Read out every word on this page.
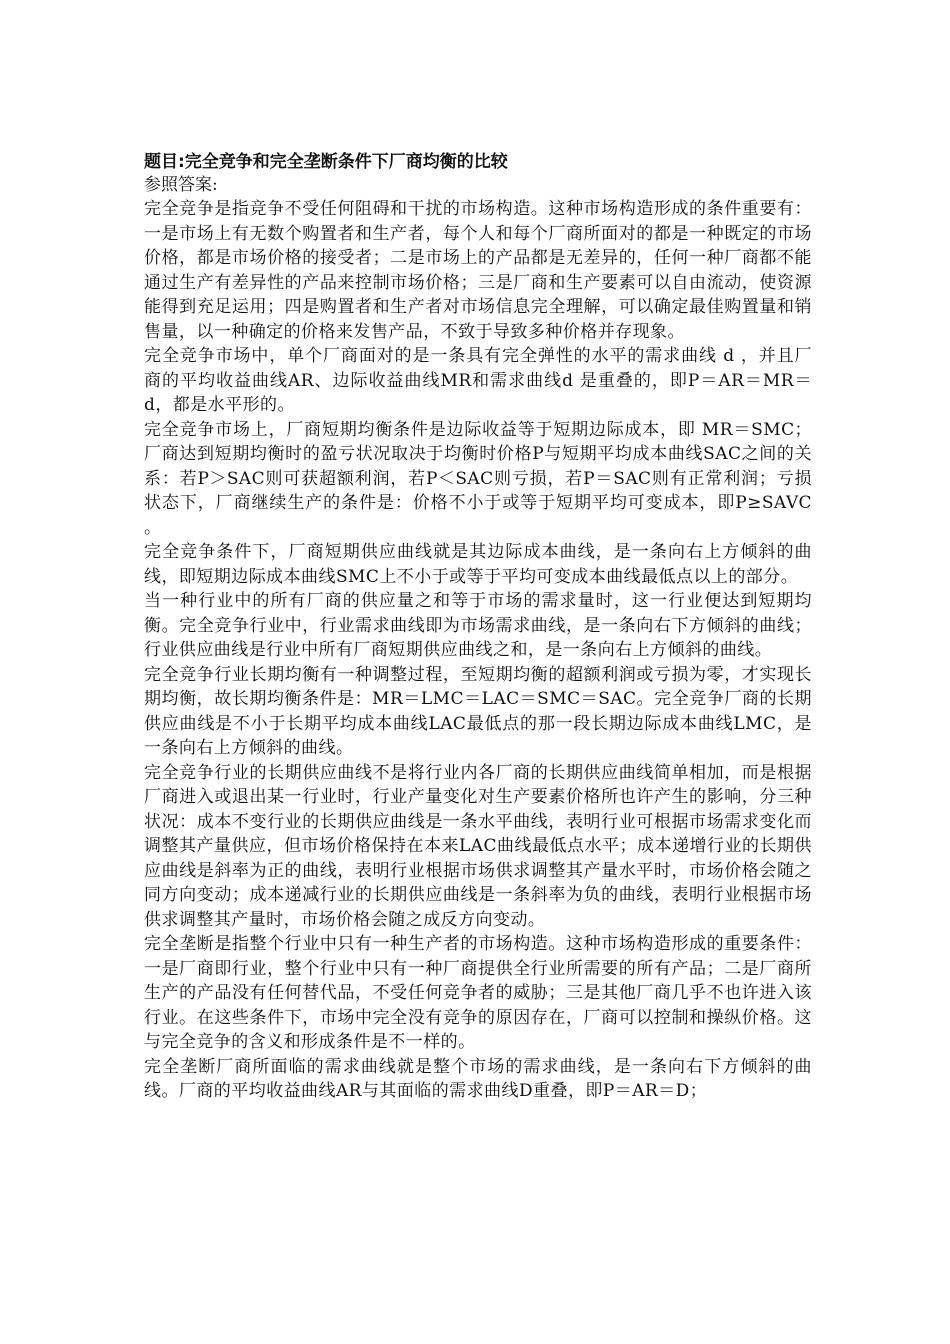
题目:完全竞争和完全垄断条件下厂商均衡的比较

参照答案:

完全竞争是指竞争不受任何阻碍和干扰的市场构造。这种市场构造形成的条件重要有：一是市场上有无数个购置者和生产者，每个人和每个厂商所面对的都是一种既定的市场价格，都是市场价格的接受者；二是市场上的产品都是无差异的，任何一种厂商都不能通过生产有差异性的产品来控制市场价格；三是厂商和生产要素可以自由流动，使资源能得到充足运用；四是购置者和生产者对市场信息完全理解，可以确定最佳购置量和销售量，以一种确定的价格来发售产品，不致于导致多种价格并存现象。

完全竞争市场中，单个厂商面对的是一条具有完全弹性的水平的需求曲线 d ，并且厂商的平均收益曲线AR、边际收益曲线MR和需求曲线d 是重叠的，即P＝AR＝MR＝d，都是水平形的。

完全竞争市场上，厂商短期均衡条件是边际收益等于短期边际成本，即 MR＝SMC；厂商达到短期均衡时的盈亏状况取决于均衡时价格P与短期平均成本曲线SAC之间的关系：若P＞SAC则可获超额利润，若P＜SAC则亏损，若P＝SAC则有正常利润；亏损状态下，厂商继续生产的条件是：价格不小于或等于短期平均可变成本，即P≥SAVC 。

完全竞争条件下，厂商短期供应曲线就是其边际成本曲线，是一条向右上方倾斜的曲线，即短期边际成本曲线SMC上不小于或等于平均可变成本曲线最低点以上的部分。

当一种行业中的所有厂商的供应量之和等于市场的需求量时，这一行业便达到短期均衡。完全竞争行业中，行业需求曲线即为市场需求曲线，是一条向右下方倾斜的曲线；行业供应曲线是行业中所有厂商短期供应曲线之和，是一条向右上方倾斜的曲线。

完全竞争行业长期均衡有一种调整过程，至短期均衡的超额利润或亏损为零，才实现长期均衡，故长期均衡条件是：MR＝LMC＝LAC＝SMC＝SAC。完全竞争厂商的长期供应曲线是不小于长期平均成本曲线LAC最低点的那一段长期边际成本曲线LMC，是一条向右上方倾斜的曲线。

完全竞争行业的长期供应曲线不是将行业内各厂商的长期供应曲线简单相加，而是根据厂商进入或退出某一行业时，行业产量变化对生产要素价格所也许产生的影响，分三种状况：成本不变行业的长期供应曲线是一条水平曲线，表明行业可根据市场需求变化而调整其产量供应，但市场价格保持在本来LAC曲线最低点水平；成本递增行业的长期供应曲线是斜率为正的曲线，表明行业根据市场供求调整其产量水平时，市场价格会随之同方向变动；成本递减行业的长期供应曲线是一条斜率为负的曲线，表明行业根据市场供求调整其产量时，市场价格会随之成反方向变动。

完全垄断是指整个行业中只有一种生产者的市场构造。这种市场构造形成的重要条件：一是厂商即行业，整个行业中只有一种厂商提供全行业所需要的所有产品；二是厂商所生产的产品没有任何替代品，不受任何竞争者的威胁；三是其他厂商几乎不也许进入该行业。在这些条件下，市场中完全没有竞争的原因存在，厂商可以控制和操纵价格。这与完全竞争的含义和形成条件是不一样的。

完全垄断厂商所面临的需求曲线就是整个市场的需求曲线，是一条向右下方倾斜的曲线。厂商的平均收益曲线AR与其面临的需求曲线D重叠，即P＝AR＝D；
